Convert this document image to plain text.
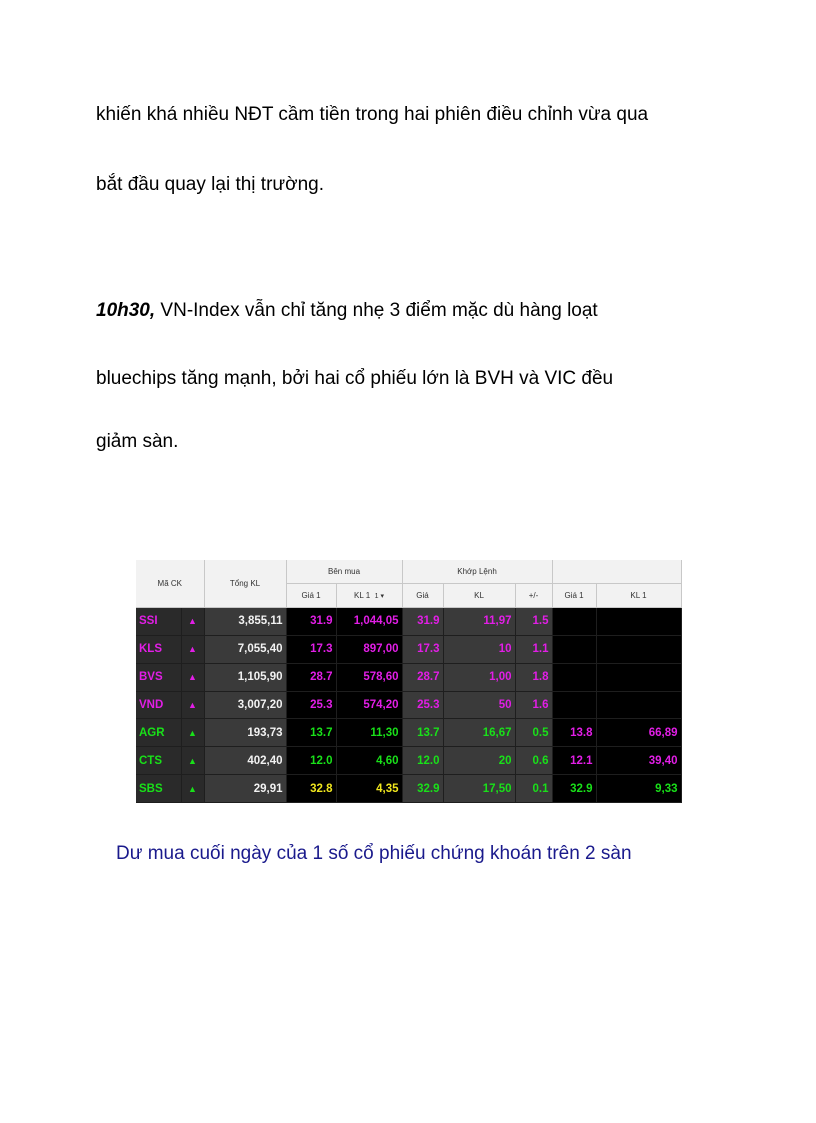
khiến khá nhiều NĐT cầm tiền trong hai phiên điều chỉnh vừa qua

bắt đầu quay lại thị trường.

10h30, VN-Index vẫn chỉ tăng nhẹ 3 điểm mặc dù hàng loạt

bluechips tăng mạnh, bởi hai cổ phiếu lớn là BVH và VIC đều

giảm sàn.

Mã CK		Tổng KL	Bên mua		Khớp Lệnh				
			Giá 1	KL 1 1 ▾	Giá	KL	+/-	Giá 1	KL 1
SSI	▲	3,855,11	31.9	1,044,05	31.9	11,97	1.5		
KLS	▲	7,055,40	17.3	897,00	17.3	10	1.1		
BVS	▲	1,105,90	28.7	578,60	28.7	1,00	1.8		
VND	▲	3,007,20	25.3	574,20	25.3	50	1.6		
AGR	▲	193,73	13.7	11,30	13.7	16,67	0.5	13.8	66,89
CTS	▲	402,40	12.0	4,60	12.0	20	0.6	12.1	39,40
SBS	▲	29,91	32.8	4,35	32.9	17,50	0.1	32.9	9,33

Dư mua cuối ngày của 1 số cổ phiếu chứng khoán trên 2 sàn
